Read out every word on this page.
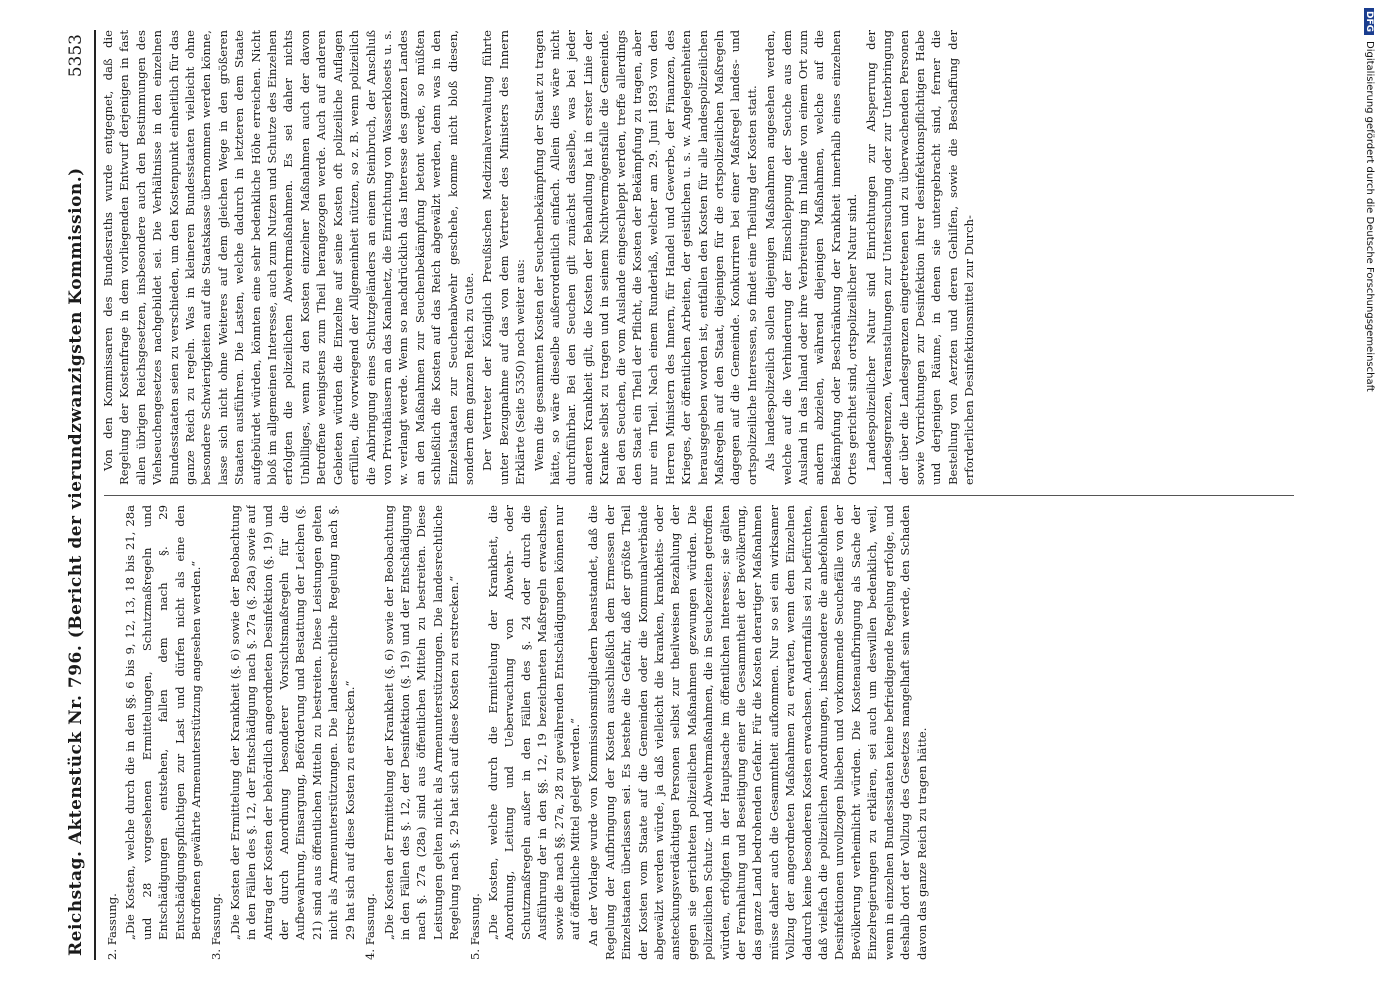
Reichstag. Aktenstück Nr. 796. (Bericht der vierundzwanzigsten Kommission.)
5353

2. Fassung. „Die Kosten, welche durch die in den §§. 6 bis 9, 12, 13, 18 bis 21, 28a und 28 vorgesehenen Ermittelungen, Schutzmaßregeln und Entschädigungen entstehen, fallen dem nach §. 29 Entschädigungspflichtigen zur Last und dürfen nicht als eine den Betroffenen gewährte Armenunterstützung angesehen werden.“ 3. Fassung. „Die Kosten der Ermittelung der Krankheit (§. 6) sowie der Beobachtung in den Fällen des §. 12, der Entschädigung nach §. 27a (§. 28a) sowie auf Antrag der Kosten der behördlich angeordneten Desinfektion (§. 19) und der durch Anordnung besonderer Vorsichtsmaßregeln für die Aufbewahrung, Einsargung, Beförderung und Bestattung der Leichen (§. 21) sind aus öffentlichen Mitteln zu bestreiten. Diese Leistungen gelten nicht als Armenunterstützungen. Die landesrechtliche Regelung nach §. 29 hat sich auf diese Kosten zu erstrecken.“ 4. Fassung. „Die Kosten der Ermittelung der Krankheit (§. 6) sowie der Beobachtung in den Fällen des §. 12, der Desinfektion (§. 19) und der Entschädigung nach §. 27a (28a) sind aus öffentlichen Mitteln zu bestreiten. Diese Leistungen gelten nicht als Armenunterstützungen. Die landesrechtliche Regelung nach §. 29 hat sich auf diese Kosten zu erstrecken.“ 5. Fassung. „Die Kosten, welche durch die Ermittelung der Krankheit, die Anordnung, Leitung und Ueberwachung von Abwehr- oder Schutzmaßregeln außer in den Fällen des §. 24 oder durch die Ausführung der in den §§. 12, 19 bezeichneten Maßregeln erwachsen, sowie die nach §§. 27a, 28 zu gewährenden Entschädigungen können nur auf öffentliche Mittel gelegt werden.“ An der Vorlage wurde von Kommissionsmitgliedern beanstandet, daß die Regelung der Aufbringung der Kosten ausschließlich dem Ermessen der Einzelstaaten überlassen sei. Es bestehe die Gefahr, daß der größte Theil der Kosten vom Staate auf die Gemeinden oder die Kommunalverbände abgewälzt werden würde, ja daß vielleicht die kranken, krankheits- oder ansteckungsverdächtigen Personen selbst zur theilweisen Bezahlung der gegen sie gerichteten polizeilichen Maßnahmen gezwungen würden. Die polizeilichen Schutz- und Abwehrmaßnahmen, die in Seuchezeiten getroffen würden, erfolgten in der Hauptsache im öffentlichen Interesse; sie gälten der Fernhaltung und Beseitigung einer die Gesammtheit der Bevölkerung, das ganze Land bedrohenden Gefahr. Für die Kosten derartiger Maßnahmen müsse daher auch die Gesammtheit aufkommen. Nur so sei ein wirksamer Vollzug der angeordneten Maßnahmen zu erwarten, wenn dem Einzelnen dadurch keine besonderen Kosten erwachsen. Andernfalls sei zu befürchten, daß vielfach die polizeilichen Anordnungen, insbesondere die anbefohlenen Desinfektionen unvollzogen blieben und vorkommende Seuchefälle von der Bevölkerung verheimlicht würden. Die Kostenaufbringung als Sache der Einzelregierungen zu erklären, sei auch um deswillen bedenklich, weil, wenn in einzelnen Bundesstaaten keine befriedigende Regelung erfolge, und deshalb dort der Vollzug des Gesetzes mangelhaft sein werde, den Schaden davon das ganze Reich zu tragen hätte.

Von den Kommissaren des Bundesraths wurde entgegnet, daß die Regelung der Kostenfrage in dem vorliegenden Entwurf derjenigen in fast allen übrigen Reichsgesetzen, insbesondere auch den Bestimmungen des Viehseuchengesetzes nachgebildet sei. Die Verhältnisse in den einzelnen Bundesstaaten seien zu verschieden, um den Kostenpunkt einheitlich für das ganze Reich zu regeln. Was in kleineren Bundesstaaten vielleicht ohne besondere Schwierigkeiten auf die Staatskasse übernommen werden könne, lasse sich nicht ohne Weiteres auf dem gleichen Wege in den größeren Staaten ausführen. Die Lasten, welche dadurch in letzteren dem Staate aufgebürdet würden, könnten eine sehr bedenkliche Höhe erreichen. Nicht bloß im allgemeinen Interesse, auch zum Nutzen und Schutze des Einzelnen erfolgten die polizeilichen Abwehrmaßnahmen. Es sei daher nichts Unbilliges, wenn zu den Kosten einzelner Maßnahmen auch der davon Betroffene wenigstens zum Theil herangezogen werde. Auch auf anderen Gebieten würden die Einzelne auf seine Kosten oft polizeiliche Auflagen erfüllen, die vorwiegend der Allgemeinheit nützen, so z. B. wenn polizeilich die Anbringung eines Schutzgeländers an einem Steinbruch, der Anschluß von Privathäusern an das Kanalnetz, die Einrichtung von Wasserklosets u. s. w. verlangt werde. Wenn so nachdrücklich das Interesse des ganzen Landes an den Maßnahmen zur Seuchenbekämpfung betont werde, so müßten schließlich die Kosten auf das Reich abgewälzt werden, denn was in den Einzelstaaten zur Seuchenabwehr geschehe, komme nicht bloß diesen, sondern dem ganzen Reich zu Gute. Der Vertreter der Königlich Preußischen Medizinalverwaltung führte unter Bezugnahme auf das von dem Vertreter des Ministers des Innern Erklärte (Seite 5350) noch weiter aus: Wenn die gesammten Kosten der Seuchenbekämpfung der Staat zu tragen hätte, so wäre dieselbe außerordentlich einfach. Allein dies wäre nicht durchführbar. Bei den Seuchen gilt zunächst dasselbe, was bei jeder anderen Krankheit gilt, die Kosten der Behandlung hat in erster Linie der Kranke selbst zu tragen und in seinem Nichtvermögensfalle die Gemeinde. Bei den Seuchen, die vom Auslande eingeschleppt werden, treffe allerdings den Staat ein Theil der Pflicht, die Kosten der Bekämpfung zu tragen, aber nur ein Theil. Nach einem Runderlaß, welcher am 29. Juni 1893 von den Herren Ministern des Innern, für Handel und Gewerbe, der Finanzen, des Krieges, der öffentlichen Arbeiten, der geistlichen u. s. w. Angelegenheiten herausgegeben worden ist, entfallen den Kosten für alle landespolizeilichen Maßregeln auf den Staat, diejenigen für die ortspolizeilichen Maßregeln dagegen auf die Gemeinde. Konkurriren bei einer Maßregel landes- und ortspolizeiliche Interessen, so findet eine Theilung der Kosten statt. Als landespolizeilich sollen diejenigen Maßnahmen angesehen werden, welche auf die Verhinderung der Einschleppung der Seuche aus dem Ausland in das Inland oder ihre Verbreitung im Inlande von einem Ort zum andern abzielen, während diejenigen Maßnahmen, welche auf die Bekämpfung oder Beschränkung der Krankheit innerhalb eines einzelnen Ortes gerichtet sind, ortspolizeilicher Natur sind. Landespolizeilicher Natur sind Einrichtungen zur Absperrung der Landesgrenzen, Veranstaltungen zur Untersuchung oder zur Unterbringung der über die Landesgrenzen eingetretenen und zu überwachenden Personen sowie Vorrichtungen zur Desinfektion ihrer desinfektionspflichtigen Habe und derjenigen Räume, in denen sie untergebracht sind, ferner die Bestellung von Aerzten und deren Gehilfen, sowie die Beschaffung der erforderlichen Desinfektionsmittel zur Durch-

DFGDigitalisierung gefördert durch die Deutsche Forschungsgemeinschaft
